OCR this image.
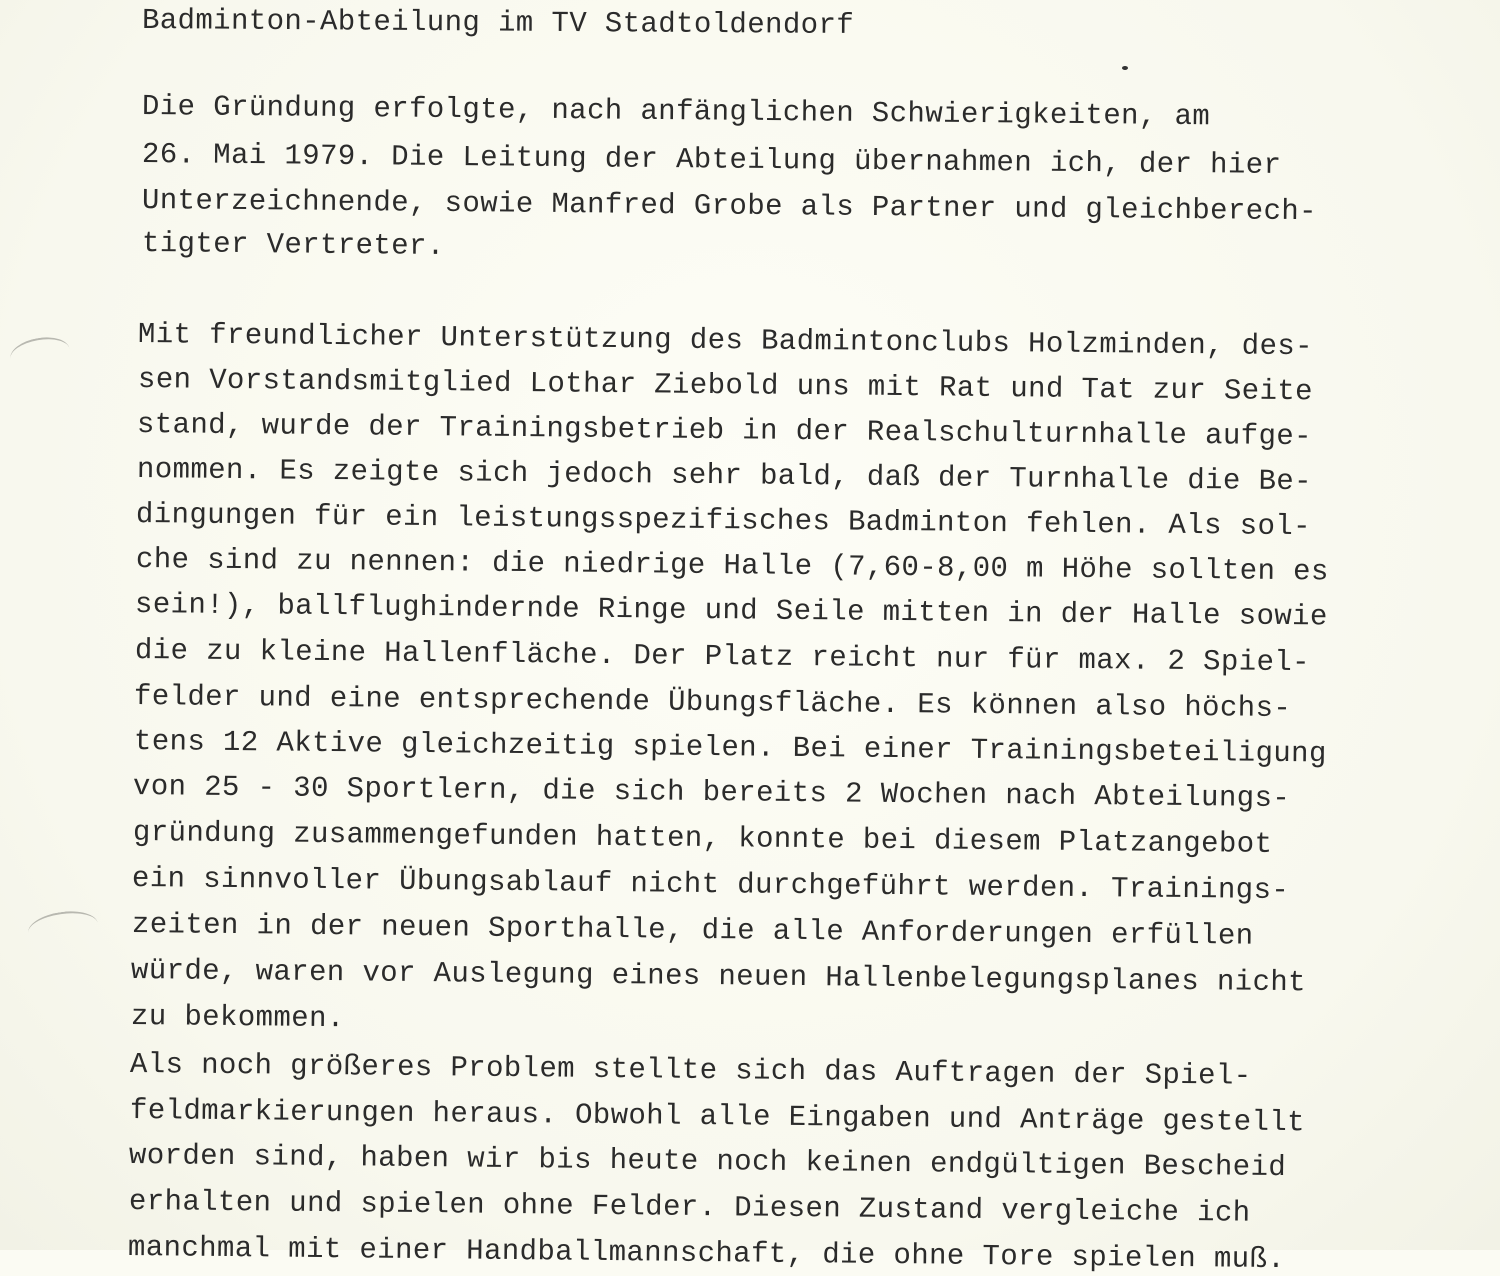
Badminton-Abteilung im TV Stadtoldendorf
Die Gründung erfolgte, nach anfänglichen Schwierigkeiten, am
26. Mai 1979. Die Leitung der Abteilung übernahmen ich, der hier
Unterzeichnende, sowie Manfred Grobe als Partner und gleichberech-
tigter Vertreter.
Mit freundlicher Unterstützung des Badmintonclubs Holzminden, des-
sen Vorstandsmitglied Lothar Ziebold uns mit Rat und Tat zur Seite
stand, wurde der Trainingsbetrieb in der Realschulturnhalle aufge-
nommen. Es zeigte sich jedoch sehr bald, daß der Turnhalle die Be-
dingungen für ein leistungsspezifisches Badminton fehlen. Als sol-
che sind zu nennen: die niedrige Halle (7,60-8,00 m Höhe sollten es
sein!), ballflughindernde Ringe und Seile mitten in der Halle sowie
die zu kleine Hallenfläche. Der Platz reicht nur für max. 2 Spiel-
felder und eine entsprechende Übungsfläche. Es können also höchs-
tens 12 Aktive gleichzeitig spielen. Bei einer Trainingsbeteiligung
von 25 - 30 Sportlern, die sich bereits 2 Wochen nach Abteilungs-
gründung zusammengefunden hatten, konnte bei diesem Platzangebot
ein sinnvoller Übungsablauf nicht durchgeführt werden. Trainings-
zeiten in der neuen Sporthalle, die alle Anforderungen erfüllen
würde, waren vor Auslegung eines neuen Hallenbelegungsplanes nicht
zu bekommen.
Als noch größeres Problem stellte sich das Auftragen der Spiel-
feldmarkierungen heraus. Obwohl alle Eingaben und Anträge gestellt
worden sind, haben wir bis heute noch keinen endgültigen Bescheid
erhalten und spielen ohne Felder. Diesen Zustand vergleiche ich
manchmal mit einer Handballmannschaft, die ohne Tore spielen muß.
